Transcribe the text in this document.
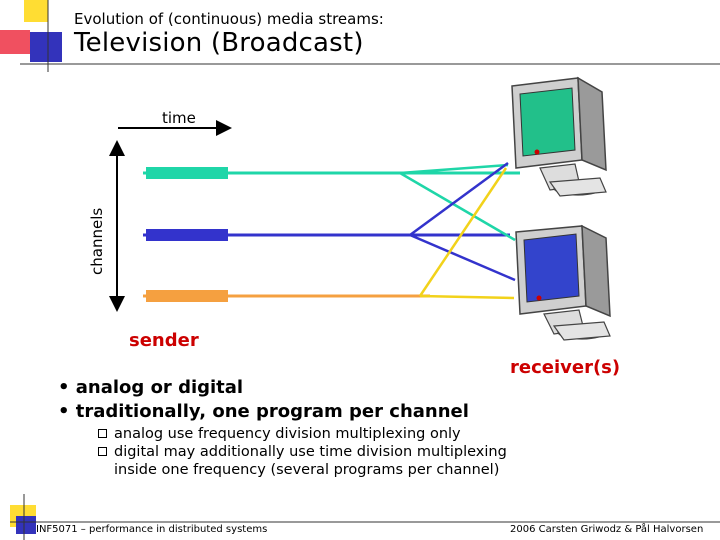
Evolution of (continuous) media streams:
Television (Broadcast)
time
channels
sender
receiver(s)
• analog or digital
• traditionally, one program per channel
analog use frequency division multiplexing only
digital may additionally use time division multiplexing inside one frequency (several programs per channel)
INF5071 – performance in distributed systems	2006 Carsten Griwodz & Pål Halvorsen
